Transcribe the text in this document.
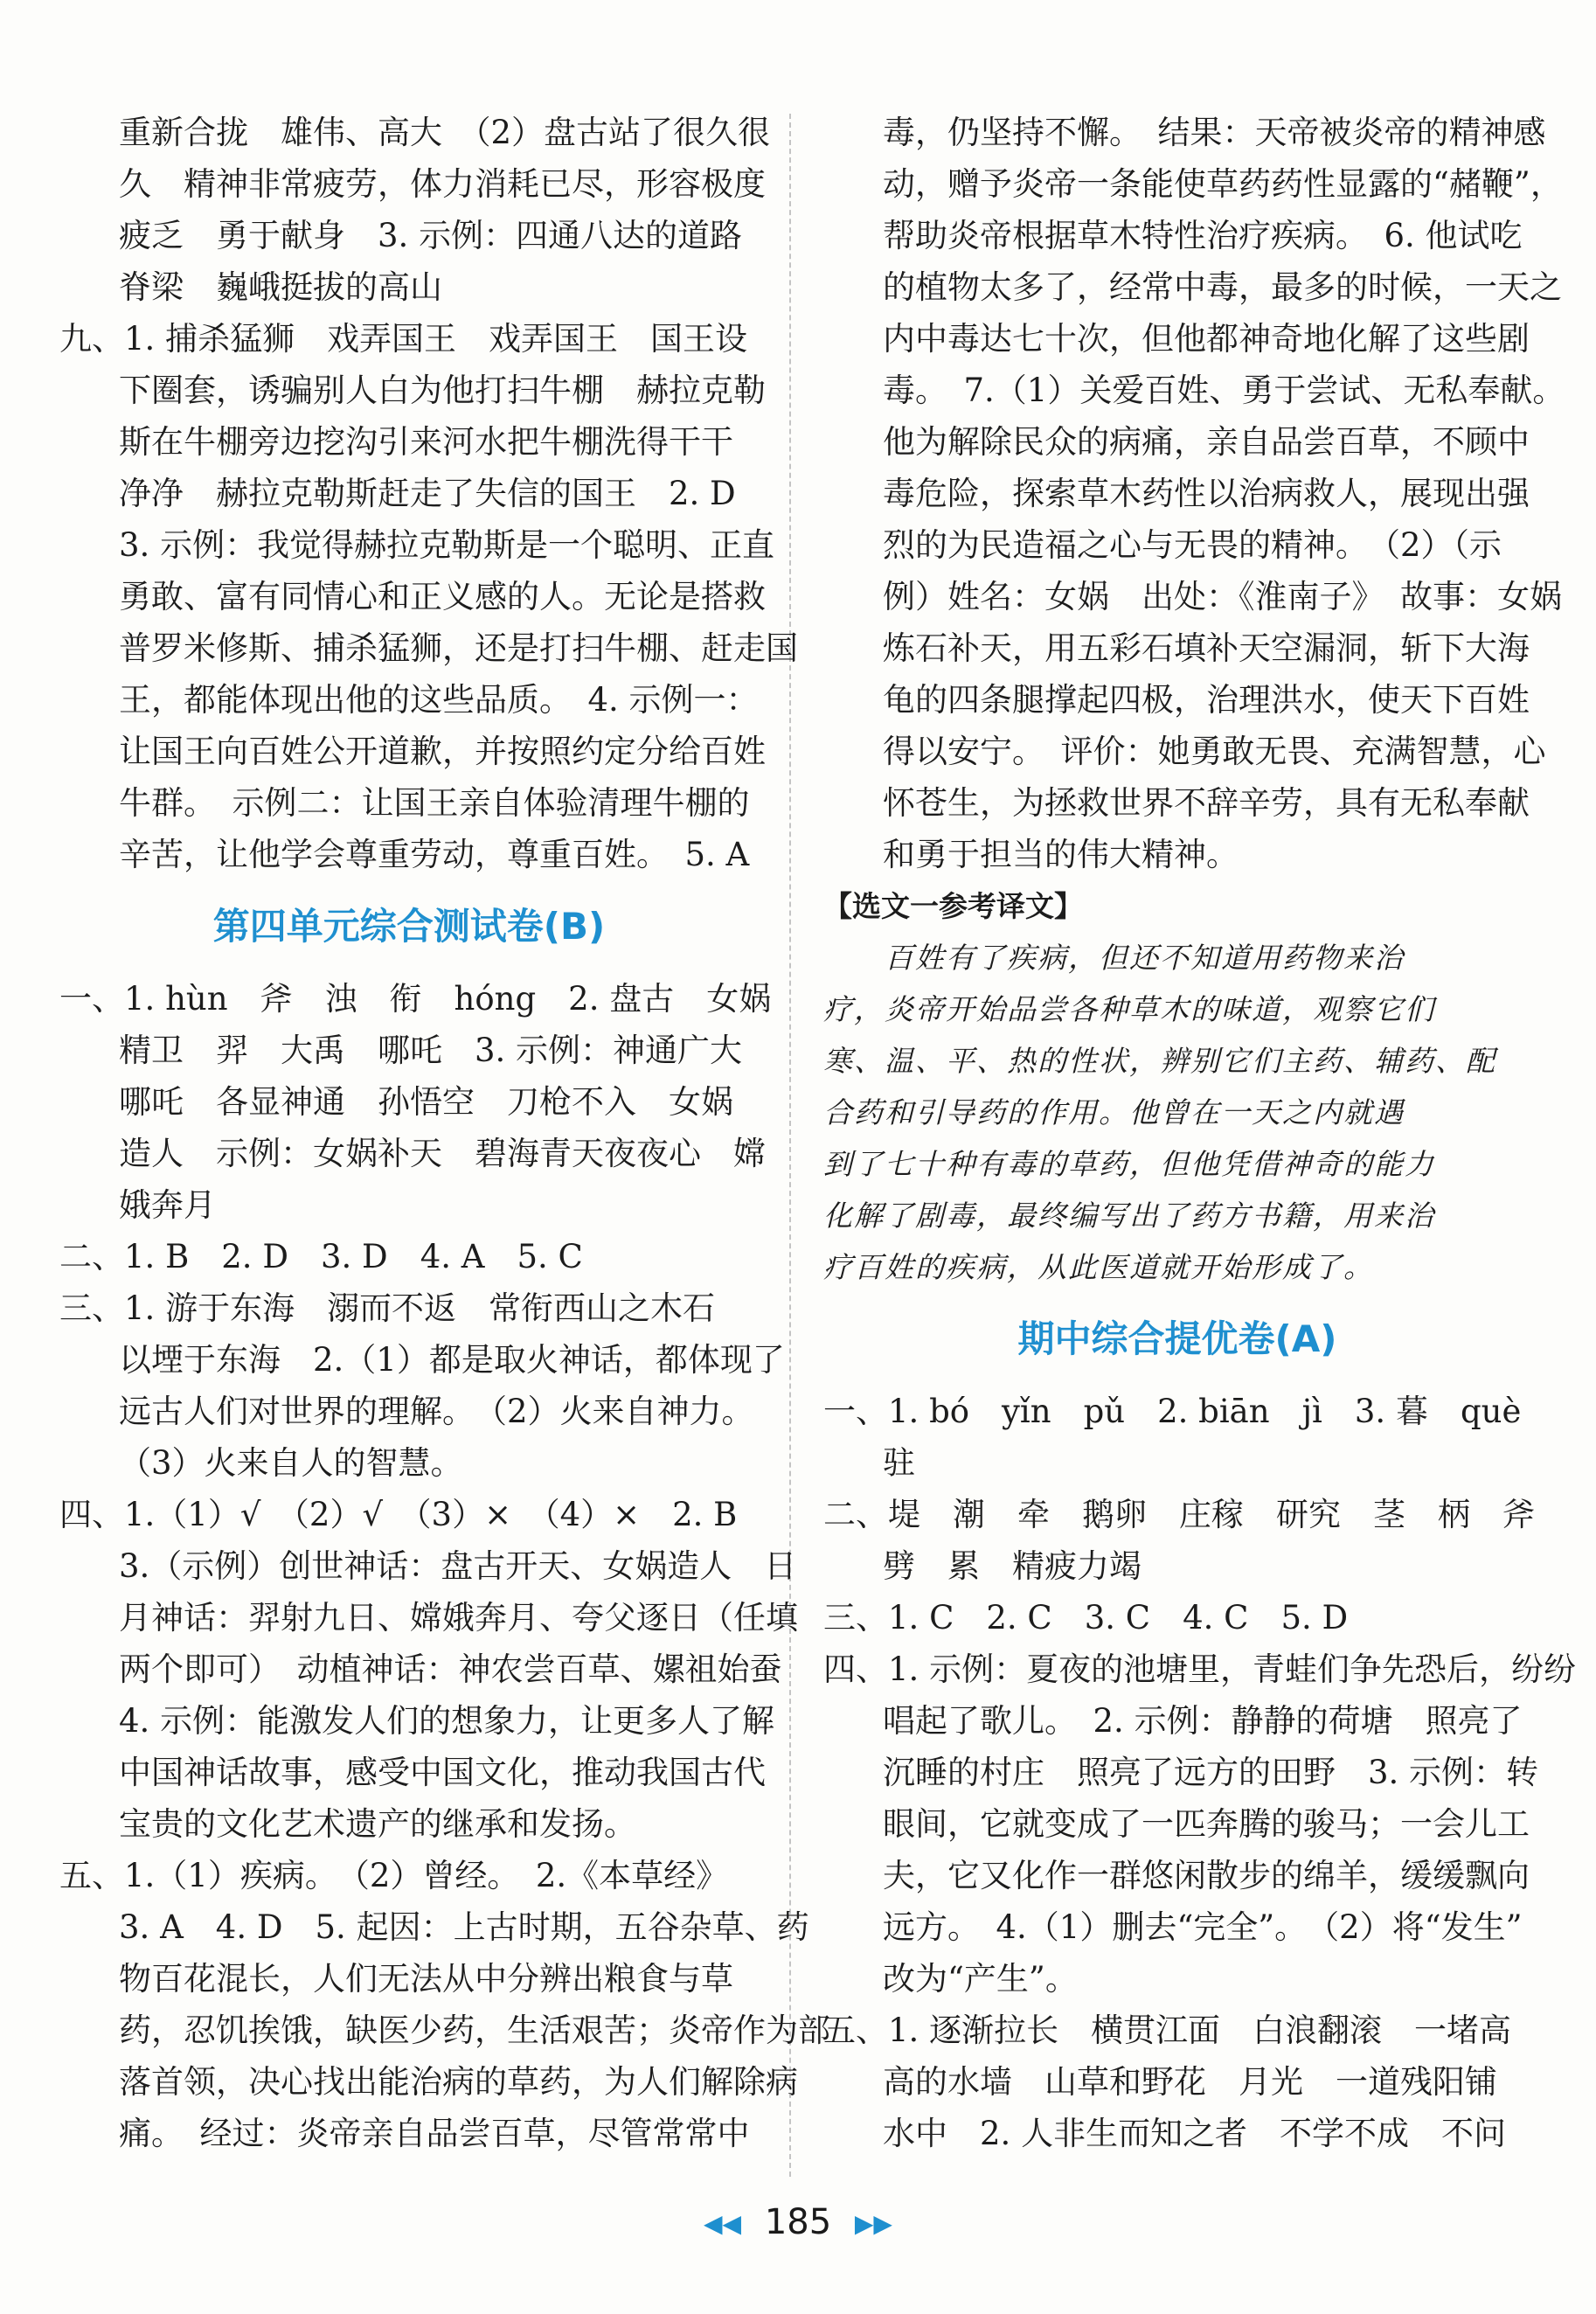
重新合拢　雄伟、高大　（2）盘古站了很久很
久　精神非常疲劳，体力消耗已尽，形容极度
疲乏　勇于献身　3. 示例：四通八达的道路
脊梁　巍峨挺拔的高山
九、1. 捕杀猛狮　戏弄国王　戏弄国王　国王设
下圈套，诱骗别人白为他打扫牛棚　赫拉克勒
斯在牛棚旁边挖沟引来河水把牛棚洗得干干
净净　赫拉克勒斯赶走了失信的国王　2. D
3. 示例：我觉得赫拉克勒斯是一个聪明、正直
勇敢、富有同情心和正义感的人。无论是搭救
普罗米修斯、捕杀猛狮，还是打扫牛棚、赶走国
王，都能体现出他的这些品质。　4. 示例一：
让国王向百姓公开道歉，并按照约定分给百姓
牛群。　示例二：让国王亲自体验清理牛棚的
辛苦，让他学会尊重劳动，尊重百姓。　5. A
第四单元综合测试卷(B)
一、1. hùn　斧　浊　衔　hóng　2. 盘古　女娲
精卫　羿　大禹　哪吒　3. 示例：神通广大
哪吒　各显神通　孙悟空　刀枪不入　女娲
造人　示例：女娲补天　碧海青天夜夜心　嫦
娥奔月
二、1. B　2. D　3. D　4. A　5. C
三、1. 游于东海　溺而不返　常衔西山之木石
以堙于东海　2.（1）都是取火神话，都体现了
远古人们对世界的理解。　（2）火来自神力。
（3）火来自人的智慧。
四、1.（1）√　（2）√　（3）×　（4）×　2. B
3.（示例）创世神话：盘古开天、女娲造人　日
月神话：羿射九日、嫦娥奔月、夸父逐日（任填
两个即可）　动植神话：神农尝百草、嫘祖始蚕
4. 示例：能激发人们的想象力，让更多人了解
中国神话故事，感受中国文化，推动我国古代
宝贵的文化艺术遗产的继承和发扬。
五、1.（1）疾病。　（2）曾经。　2.《本草经》
3. A　4. D　5. 起因：上古时期，五谷杂草、药
物百花混长，人们无法从中分辨出粮食与草
药，忍饥挨饿，缺医少药，生活艰苦；炎帝作为部
落首领，决心找出能治病的草药，为人们解除病
痛。　经过：炎帝亲自品尝百草，尽管常常中
毒，仍坚持不懈。　结果：天帝被炎帝的精神感
动，赠予炎帝一条能使草药药性显露的“赭鞭”，
帮助炎帝根据草木特性治疗疾病。　6. 他试吃
的植物太多了，经常中毒，最多的时候，一天之
内中毒达七十次，但他都神奇地化解了这些剧
毒。　7.（1）关爱百姓、勇于尝试、无私奉献。
他为解除民众的病痛，亲自品尝百草，不顾中
毒危险，探索草木药性以治病救人，展现出强
烈的为民造福之心与无畏的精神。　（2）（示
例）姓名：女娲　出处：《淮南子》　故事：女娲
炼石补天，用五彩石填补天空漏洞，斩下大海
龟的四条腿撑起四极，治理洪水，使天下百姓
得以安宁。　评价：她勇敢无畏、充满智慧，心
怀苍生，为拯救世界不辞辛劳，具有无私奉献
和勇于担当的伟大精神。
【选文一参考译文】
百姓有了疾病，但还不知道用药物来治
疗，炎帝开始品尝各种草木的味道，观察它们
寒、温、平、热的性状，辨别它们主药、辅药、配
合药和引导药的作用。他曾在一天之内就遇
到了七十种有毒的草药，但他凭借神奇的能力
化解了剧毒，最终编写出了药方书籍，用来治
疗百姓的疾病，从此医道就开始形成了。
期中综合提优卷(A)
一、1. bó　yǐn　pǔ　2. biān　jì　3. 暮　què
驻
二、堤　潮　牵　鹅卵　庄稼　研究　茎　柄　斧
劈　累　精疲力竭
三、1. C　2. C　3. C　4. C　5. D
四、1. 示例：夏夜的池塘里，青蛙们争先恐后，纷纷
唱起了歌儿。　2. 示例：静静的荷塘　照亮了
沉睡的村庄　照亮了远方的田野　3. 示例：转
眼间，它就变成了一匹奔腾的骏马；一会儿工
夫，它又化作一群悠闲散步的绵羊，缓缓飘向
远方。　4.（1）删去“完全”。　（2）将“发生”
改为“产生”。
五、1. 逐渐拉长　横贯江面　白浪翻滚　一堵高
高的水墙　山草和野花　月光　一道残阳铺
水中　2. 人非生而知之者　不学不成　不问
◀◀ 185 ▶▶
